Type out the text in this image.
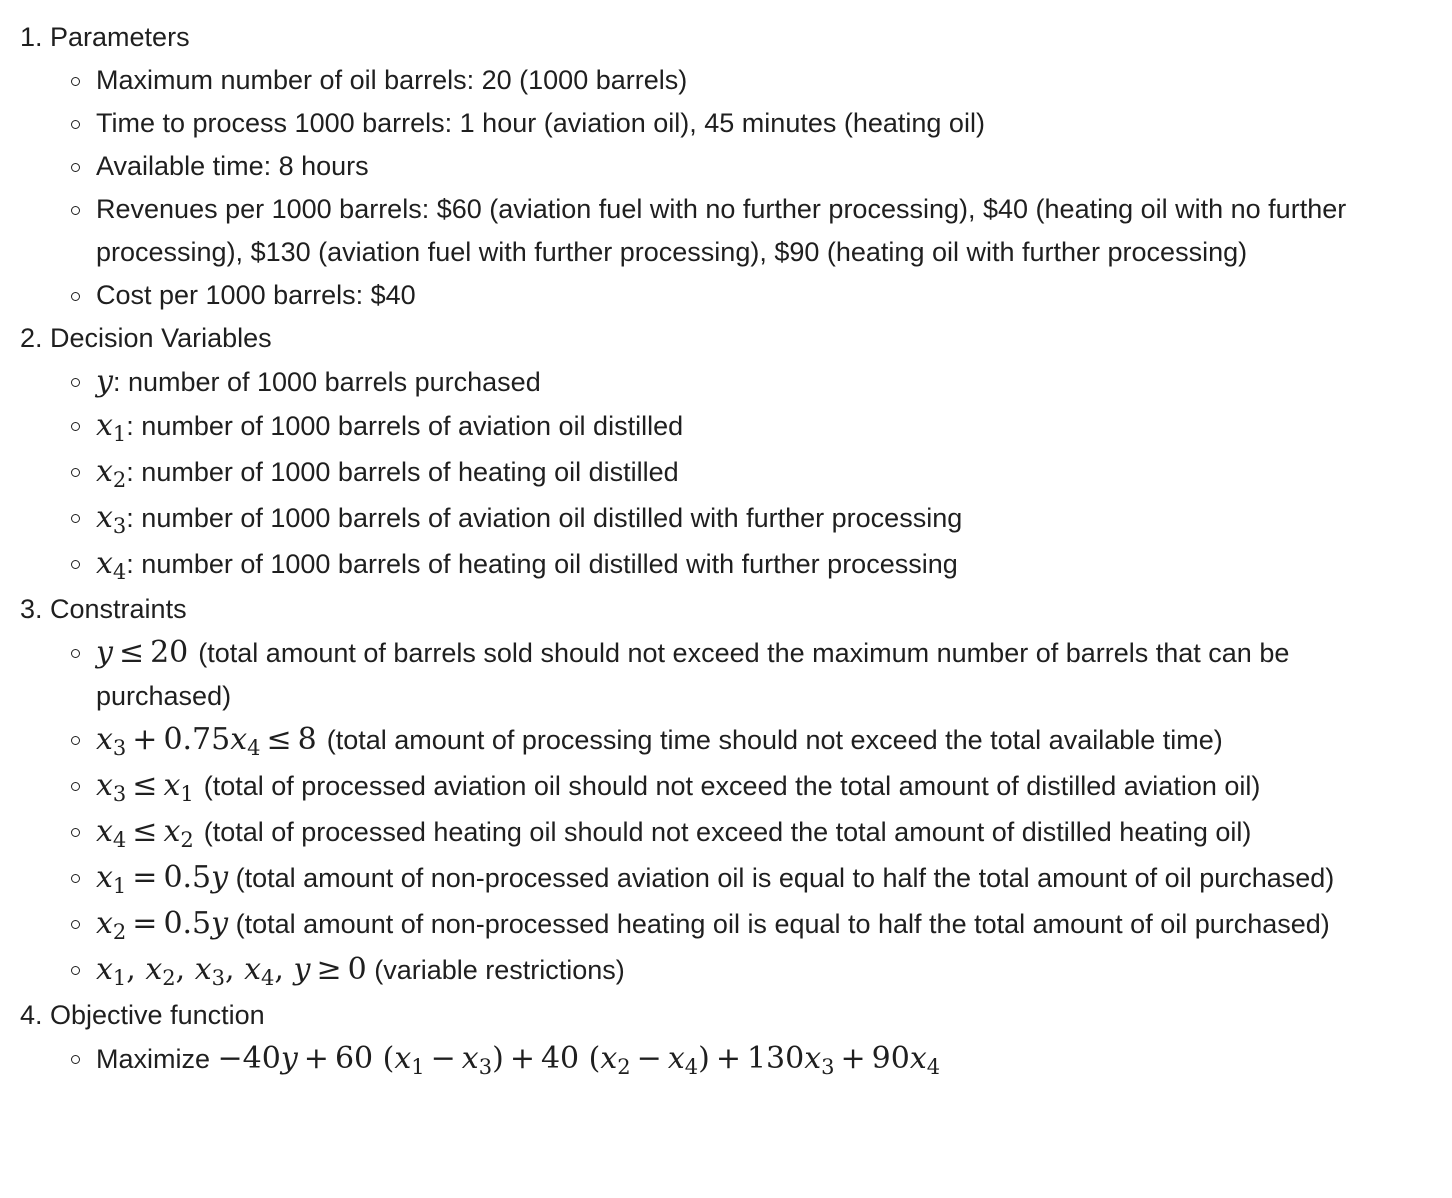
1. Parameters
Maximum number of oil barrels: 20 (1000 barrels)
Time to process 1000 barrels: 1 hour (aviation oil), 45 minutes (heating oil)
Available time: 8 hours
Revenues per 1000 barrels: $60 (aviation fuel with no further processing), $40 (heating oil with no further processing), $130 (aviation fuel with further processing), $90 (heating oil with further processing)
Cost per 1000 barrels: $40
2. Decision Variables
y: number of 1000 barrels purchased
$x_1$: number of 1000 barrels of aviation oil distilled
$x_2$: number of 1000 barrels of heating oil distilled
$x_3$: number of 1000 barrels of aviation oil distilled with further processing
$x_4$: number of 1000 barrels of heating oil distilled with further processing
3. Constraints
y ≤ 20 (total amount of barrels sold should not exceed the maximum number of barrels that can be purchased)
$x_3 + 0.75x_4 \le 8$ (total amount of processing time should not exceed the total available time)
$x_3 \le x_1$ (total of processed aviation oil should not exceed the total amount of distilled aviation oil)
$x_4 \le x_2$ (total of processed heating oil should not exceed the total amount of distilled heating oil)
$x_1 = 0.5y$ (total amount of non-processed aviation oil is equal to half the total amount of oil purchased)
$x_2 = 0.5y$ (total amount of non-processed heating oil is equal to half the total amount of oil purchased)
$x_1$, $x_2$, $x_3$, $x_4$, y ≥ 0 (variable restrictions)
4. Objective function
Maximize −40y + 60 $(x_1 - x_3) + 40$ $(x_2 - x_4) + 130x_3 + 90x_4$
